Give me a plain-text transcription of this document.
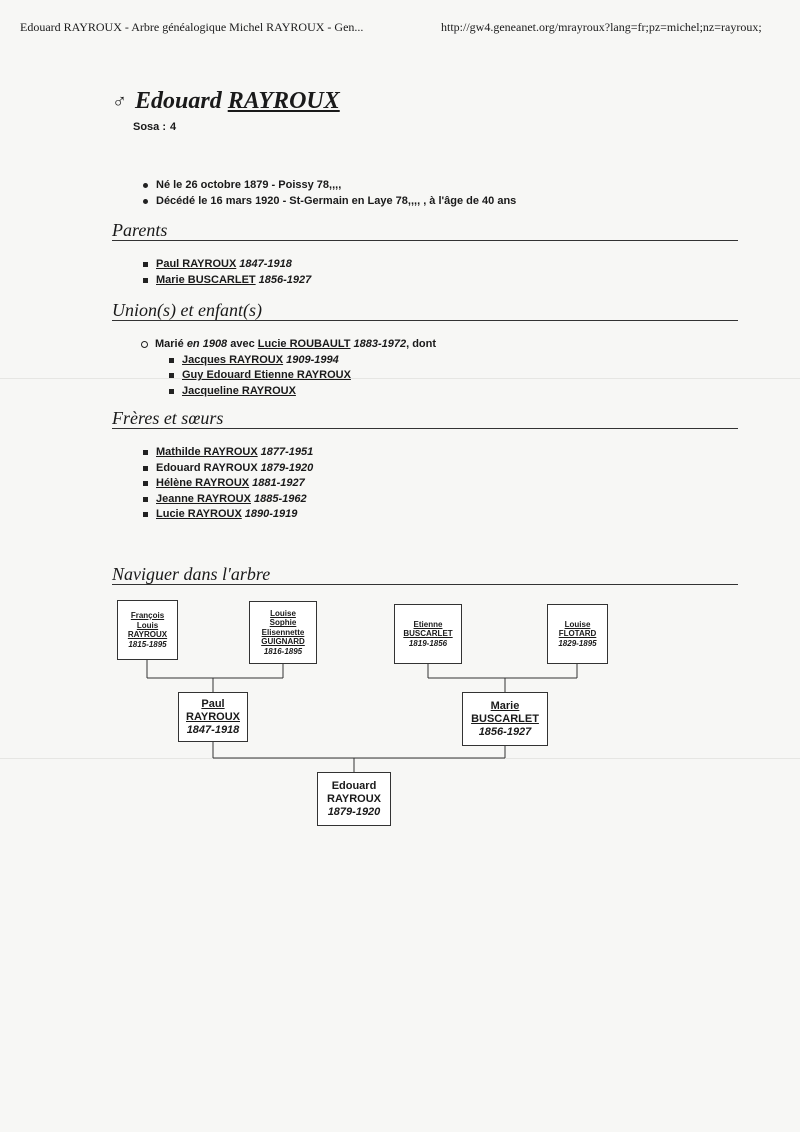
Edouard RAYROUX - Arbre généalogique Michel RAYROUX - Gen...	http://gw4.geneanet.org/mrayroux?lang=fr;pz=michel;nz=rayroux;
♂ Edouard RAYROUX
Sosa : 4
Né le 26 octobre 1879 - Poissy 78,,,,
Décédé le 16 mars 1920 - St-Germain en Laye 78,,,, , à l'âge de 40 ans
Parents
Paul RAYROUX 1847-1918
Marie BUSCARLET 1856-1927
Union(s) et enfant(s)
Marié en 1908 avec Lucie ROUBAULT 1883-1972, dont
Jacques RAYROUX 1909-1994
Guy Edouard Etienne RAYROUX
Jacqueline RAYROUX
Frères et sœurs
Mathilde RAYROUX 1877-1951
Edouard RAYROUX 1879-1920
Hélène RAYROUX 1881-1927
Jeanne RAYROUX 1885-1962
Lucie RAYROUX 1890-1919
Naviguer dans l'arbre
François
Louis
RAYROUX
1815-1895
Louise
Sophie
Elisennette
GUIGNARD
1816-1895
Etienne
BUSCARLET
1819-1856
Louise
FLOTARD
1829-1895
Paul
RAYROUX
1847-1918
Marie
BUSCARLET
1856-1927
Edouard
RAYROUX
1879-1920
